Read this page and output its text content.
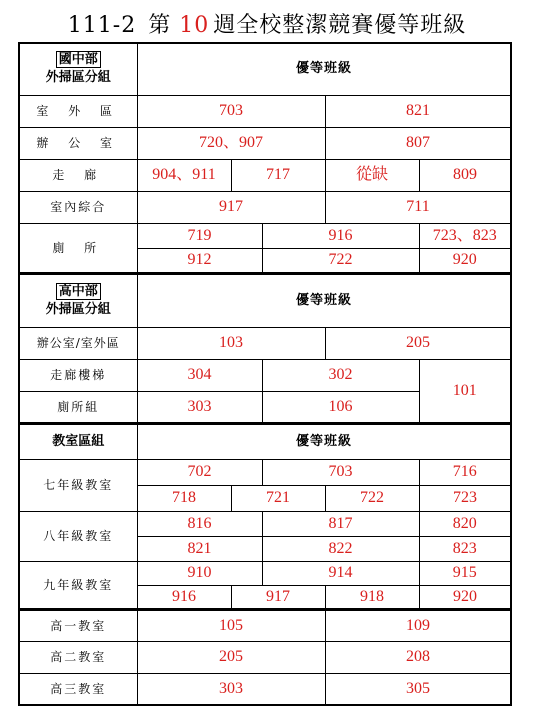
111-2 第 10 週全校整潔競賽優等班級
國中部
外掃區分組	優等班級				
室 外 區	703			821	
辦 公 室	720、907			807	
走 廊	904、911	717		從缺	809
室內綜合	917			711	
廁 所	719		916		723、823
	912		722		920
高中部
外掃區分組	優等班級				
辦公室/室外區	103			205	
走廊樓梯	304		302		101
廁所組	303		106		
教室區組	優等班級				
七年級教室	702		703		716
	718	721		722	723
八年級教室	816		817		820
	821		822		823
九年級教室	910		914		915
	916	917		918	920
高一教室	105			109	
高二教室	205			208	
高三教室	303			305	
